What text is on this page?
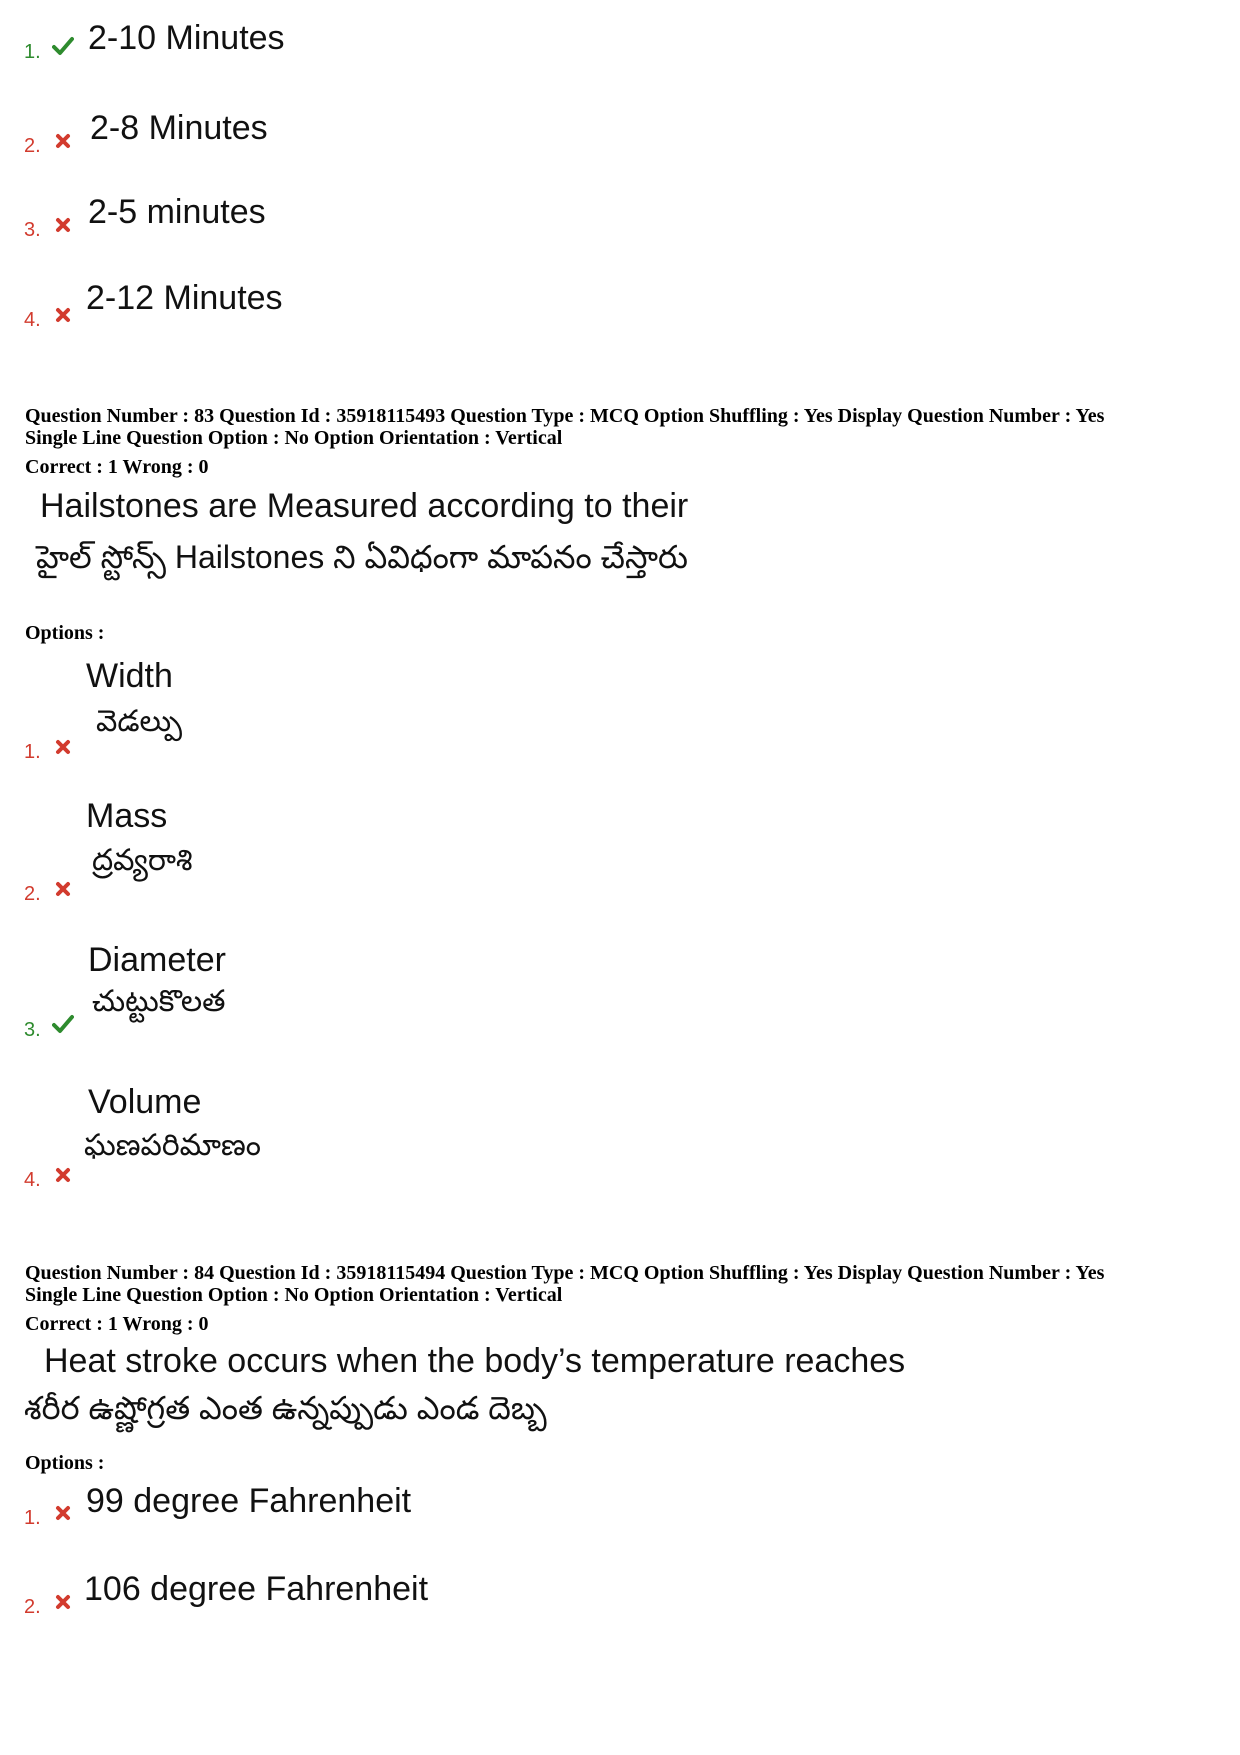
1. 2-10 Minutes
2. 2-8 Minutes
3. 2-5 minutes
4.
2-12 Minutes
Question Number : 83 Question Id : 35918115493 Question Type : MCQ Option Shuffling : Yes Display Question Number : Yes
Single Line Question Option : No Option Orientation : Vertical
Correct : 1 Wrong : 0
Hailstones are Measured according to their
హైల్ స్టోన్స్ Hailstones ని ఏవిధంగా మాపనం చేస్తారు
Options :
Width
వెడల్పు
1.
Mass
ద్రవ్యరాశి
2.
Diameter
చుట్టుకొలత
3.
Volume
ఘణపరిమాణం
4.
Question Number : 84 Question Id : 35918115494 Question Type : MCQ Option Shuffling : Yes Display Question Number : Yes
Single Line Question Option : No Option Orientation : Vertical
Correct : 1 Wrong : 0
Heat stroke occurs when the body’s temperature reaches
శరీర ఉష్ణోగ్రత ఎంత ఉన్నప్పుడు ఎండ దెబ్బ
Options :
1. 99 degree Fahrenheit
2. 106 degree Fahrenheit
